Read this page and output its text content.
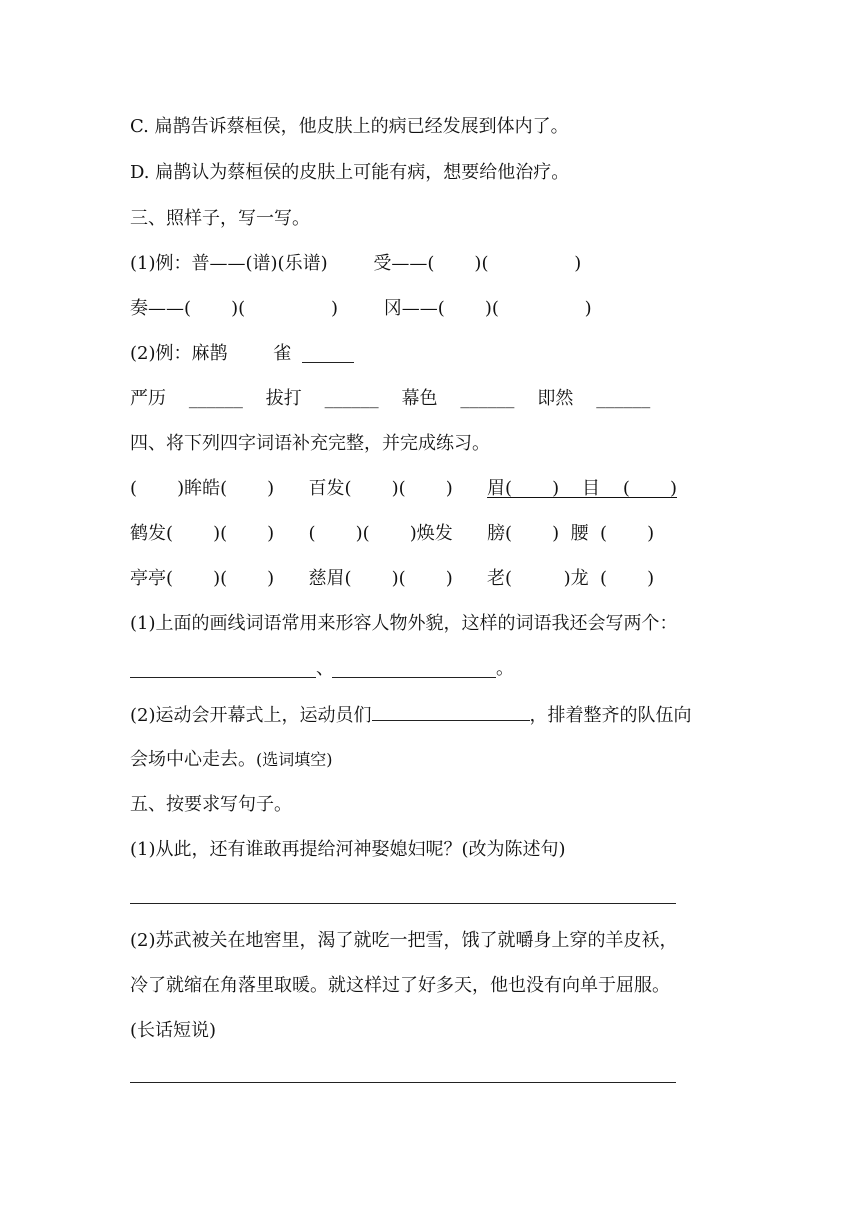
C. 扁鹊告诉蔡桓侯，他皮肤上的病已经发展到体内了。
D. 扁鹊认为蔡桓侯的皮肤上可能有病，想要给他治疗。
三、照样子，写一写。
(1)例：普——(谱)(乐谱)        受——(       )(               )
奏——(       )(               )        冈——(       )(               )
(2)例：麻鹊        雀
严历    ______    拔打    ______    幕色    ______    即然    ______
四、将下列四字词语补充完整，并完成练习。
(       )眸皓(       )      百发(       )(       )      眉(       )    目    (       )
鹤发(       )(       )      (       )(       )焕发      膀(       )  腰  (       )
亭亭(       )(       )      慈眉(       )(       )      老(         )龙  (       )
(1)上面的画线词语常用来形容人物外貌，这样的词语我还会写两个：
、	。
(2)运动会开幕式上，运动员们	，排着整齐的队伍向
会场中心走去。(选词填空)
五、按要求写句子。
(1)从此，还有谁敢再提给河神娶媳妇呢？(改为陈述句)
(2)苏武被关在地窖里，渴了就吃一把雪，饿了就嚼身上穿的羊皮袄，
冷了就缩在角落里取暖。就这样过了好多天，他也没有向单于屈服。
(长话短说)
